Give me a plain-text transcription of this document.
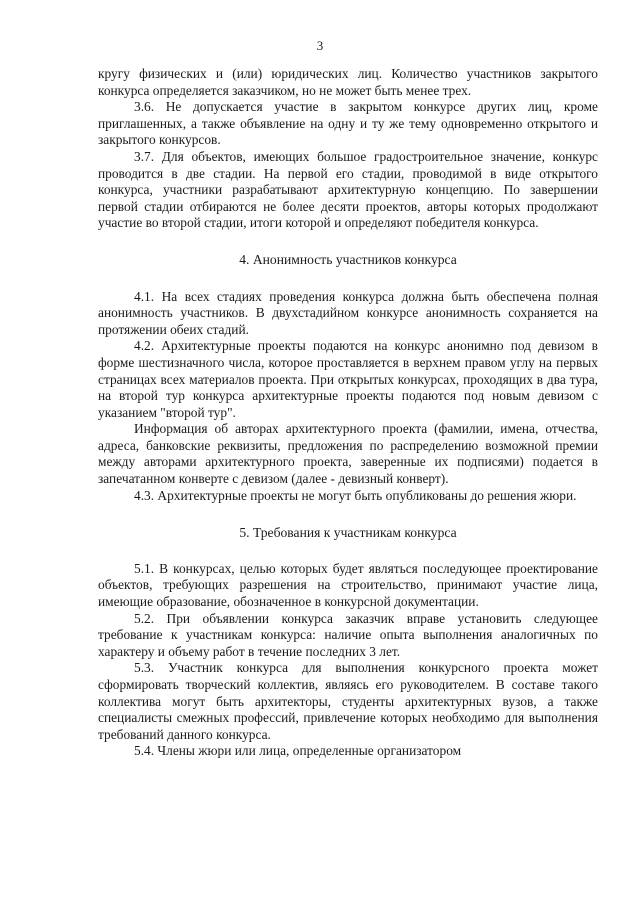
3

кругу физических и (или) юридических лиц. Количество участников закрытого конкурса определяется заказчиком, но не может быть менее трех.

3.6. Не допускается участие в закрытом конкурсе других лиц, кроме приглашенных, а также объявление на одну и ту же тему одновременно открытого и закрытого конкурсов.

3.7. Для объектов, имеющих большое градостроительное значение, конкурс проводится в две стадии. На первой его стадии, проводимой в виде открытого конкурса, участники разрабатывают архитектурную концепцию. По завершении первой стадии отбираются не более десяти проектов, авторы которых продолжают участие во второй стадии, итоги которой и определяют победителя конкурса.

4. Анонимность участников конкурса

4.1. На всех стадиях проведения конкурса должна быть обеспечена полная анонимность участников. В двухстадийном конкурсе анонимность сохраняется на протяжении обеих стадий.

4.2. Архитектурные проекты подаются на конкурс анонимно под девизом в форме шестизначного числа, которое проставляется в верхнем правом углу на первых страницах всех материалов проекта. При открытых конкурсах, проходящих в два тура, на второй тур конкурса архитектурные проекты подаются под новым девизом с указанием "второй тур".

Информация об авторах архитектурного проекта (фамилии, имена, отчества, адреса, банковские реквизиты, предложения по распределению возможной премии между авторами архитектурного проекта, заверенные их подписями) подается в запечатанном конверте с девизом (далее - девизный конверт).

4.3. Архитектурные проекты не могут быть опубликованы до решения жюри.

5. Требования к участникам конкурса

5.1. В конкурсах, целью которых будет являться последующее проектирование объектов, требующих разрешения на строительство, принимают участие лица, имеющие образование, обозначенное в конкурсной документации.

5.2. При объявлении конкурса заказчик вправе установить следующее требование к участникам конкурса: наличие опыта выполнения аналогичных по характеру и объему работ в течение последних 3 лет.

5.3. Участник конкурса для выполнения конкурсного проекта может сформировать творческий коллектив, являясь его руководителем. В составе такого коллектива могут быть архитекторы, студенты архитектурных вузов, а также специалисты смежных профессий, привлечение которых необходимо для выполнения требований данного конкурса.

5.4. Члены жюри или лица, определенные организатором
